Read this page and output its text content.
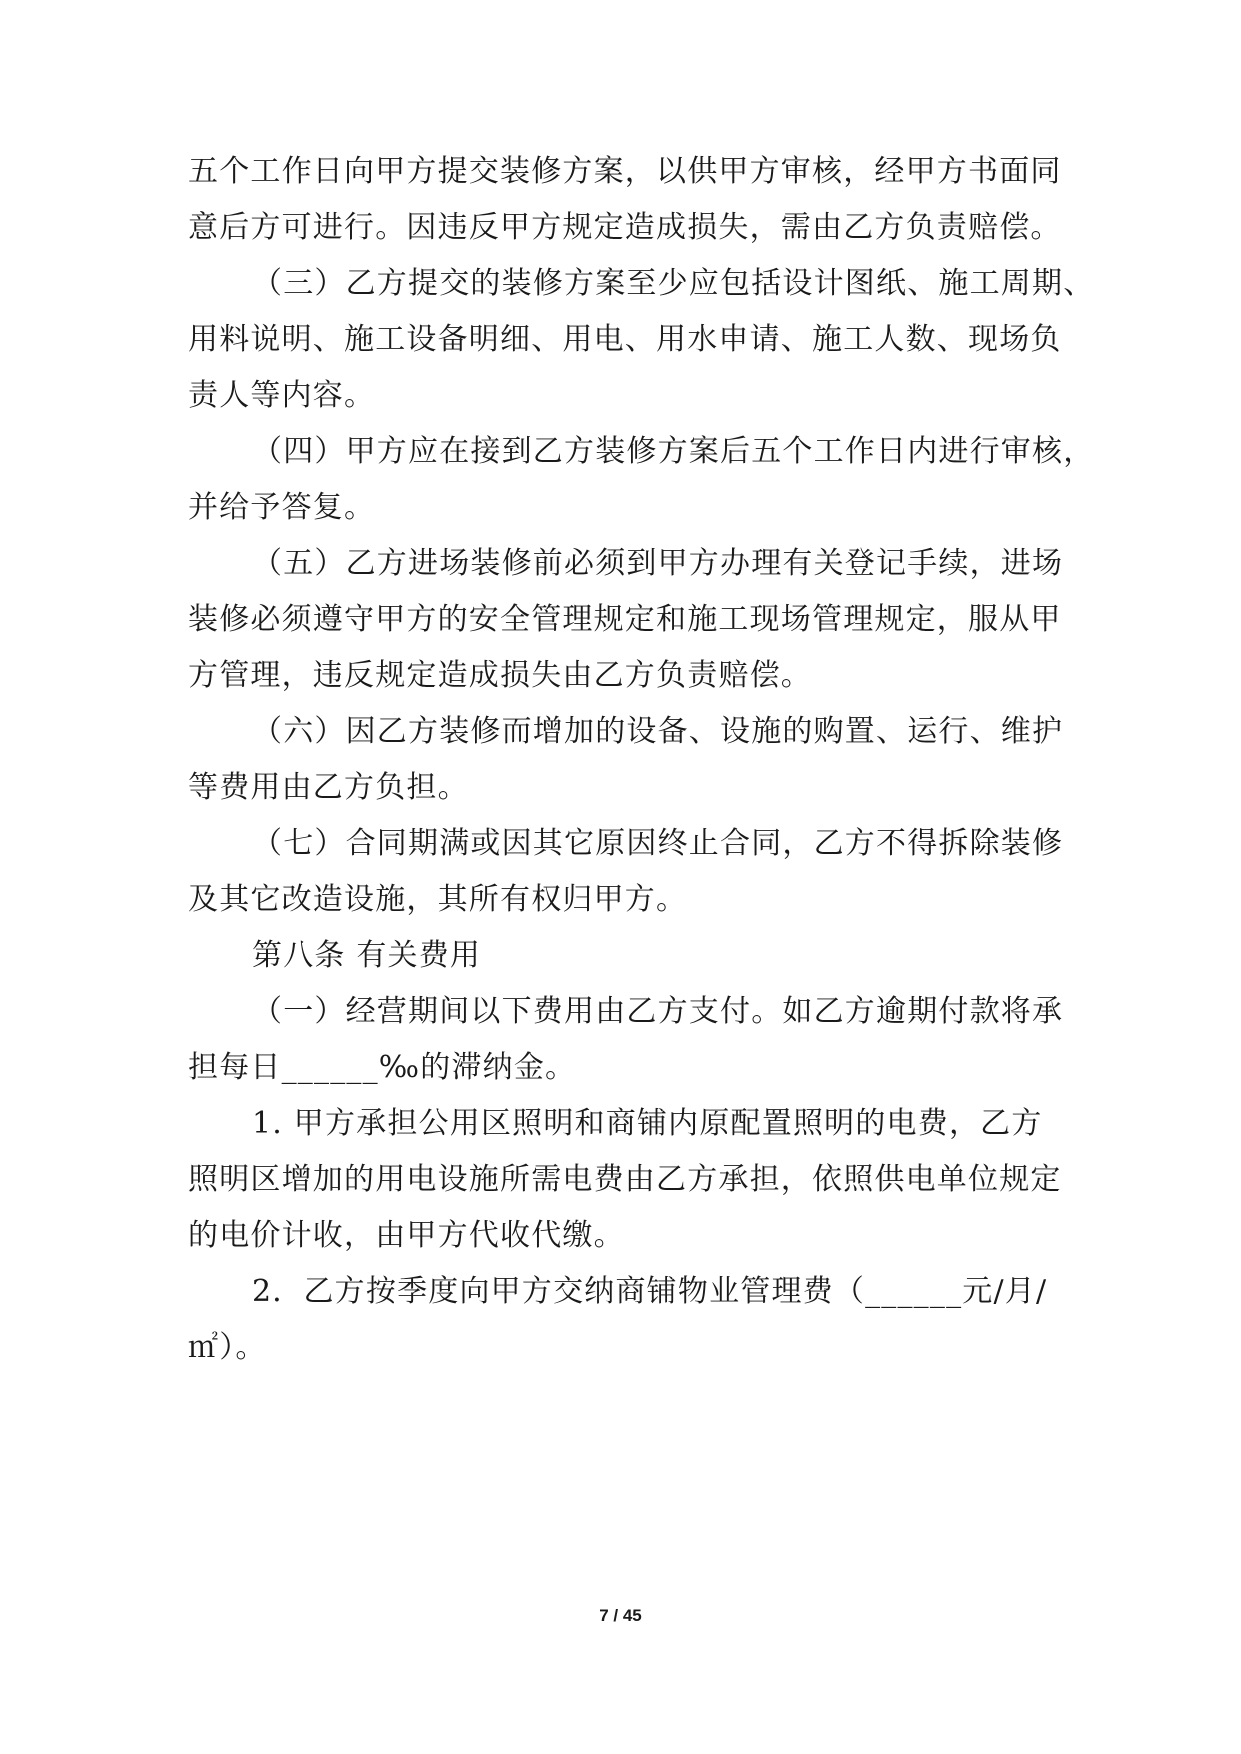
五个工作日向甲方提交装修方案，以供甲方审核，经甲方书面同
意后方可进行。因违反甲方规定造成损失，需由乙方负责赔偿。
（三）乙方提交的装修方案至少应包括设计图纸、施工周期、
用料说明、施工设备明细、用电、用水申请、施工人数、现场负
责人等内容。
（四）甲方应在接到乙方装修方案后五个工作日内进行审核，
并给予答复。
（五）乙方进场装修前必须到甲方办理有关登记手续，进场
装修必须遵守甲方的安全管理规定和施工现场管理规定，服从甲
方管理，违反规定造成损失由乙方负责赔偿。
（六）因乙方装修而增加的设备、设施的购置、运行、维护
等费用由乙方负担。
（七）合同期满或因其它原因终止合同，乙方不得拆除装修
及其它改造设施，其所有权归甲方。
第八条 有关费用
（一）经营期间以下费用由乙方支付。如乙方逾期付款将承
担每日______‰的滞纳金。
1. 甲方承担公用区照明和商铺内原配置照明的电费，乙方
照明区增加的用电设施所需电费由乙方承担，依照供电单位规定
的电价计收，由甲方代收代缴。
2．乙方按季度向甲方交纳商铺物业管理费（______元/月/
㎡）。
7 / 45
